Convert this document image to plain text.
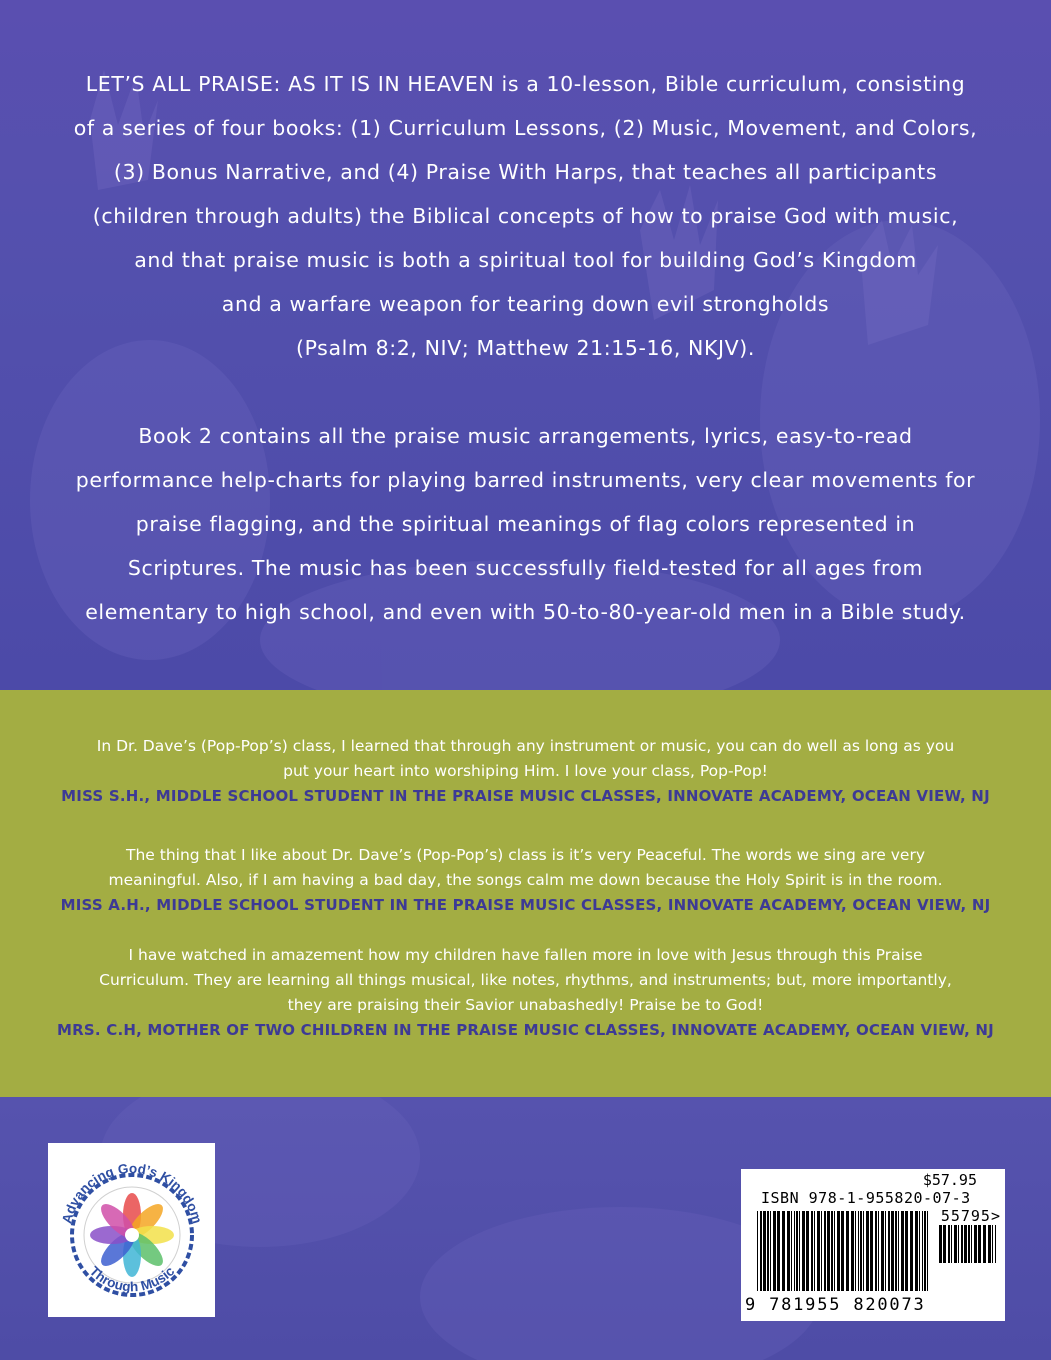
LET’S ALL PRAISE: AS IT IS IN HEAVEN is a 10-lesson, Bible curriculum, consisting
of a series of four books: (1) Curriculum Lessons, (2) Music, Movement, and Colors,
(3) Bonus Narrative, and (4) Praise With Harps, that teaches all participants
(children through adults) the Biblical concepts of how to praise God with music,
and that praise music is both a spiritual tool for building God’s Kingdom
and a warfare weapon for tearing down evil strongholds
(Psalm 8:2, NIV; Matthew 21:15-16, NKJV).
Book 2 contains all the praise music arrangements, lyrics, easy-to-read
performance help-charts for playing barred instruments, very clear movements for
praise flagging, and the spiritual meanings of flag colors represented in
Scriptures. The music has been successfully field-tested for all ages from
elementary to high school, and even with 50-to-80-year-old men in a Bible study.
In Dr. Dave’s (Pop-Pop’s) class, I learned that through any instrument or music, you can do well as long as you
put your heart into worshiping Him. I love your class, Pop-Pop!
MISS S.H., MIDDLE SCHOOL STUDENT IN THE PRAISE MUSIC CLASSES, INNOVATE ACADEMY, OCEAN VIEW, NJ
The thing that I like about Dr. Dave’s (Pop-Pop’s) class is it’s very Peaceful. The words we sing are very
meaningful. Also, if I am having a bad day, the songs calm me down because the Holy Spirit is in the room.
MISS A.H., MIDDLE SCHOOL STUDENT IN THE PRAISE MUSIC CLASSES, INNOVATE ACADEMY, OCEAN VIEW, NJ
I have watched in amazement how my children have fallen more in love with Jesus through this Praise
Curriculum. They are learning all things musical, like notes, rhythms, and instruments; but, more importantly,
they are praising their Savior unabashedly! Praise be to God!
MRS. C.H, MOTHER OF TWO CHILDREN IN THE PRAISE MUSIC CLASSES, INNOVATE ACADEMY, OCEAN VIEW, NJ
Advancing God’s Kingdom
Through Music
$57.95
ISBN 978-1-955820-07-3
55795>
9 781955 820073
